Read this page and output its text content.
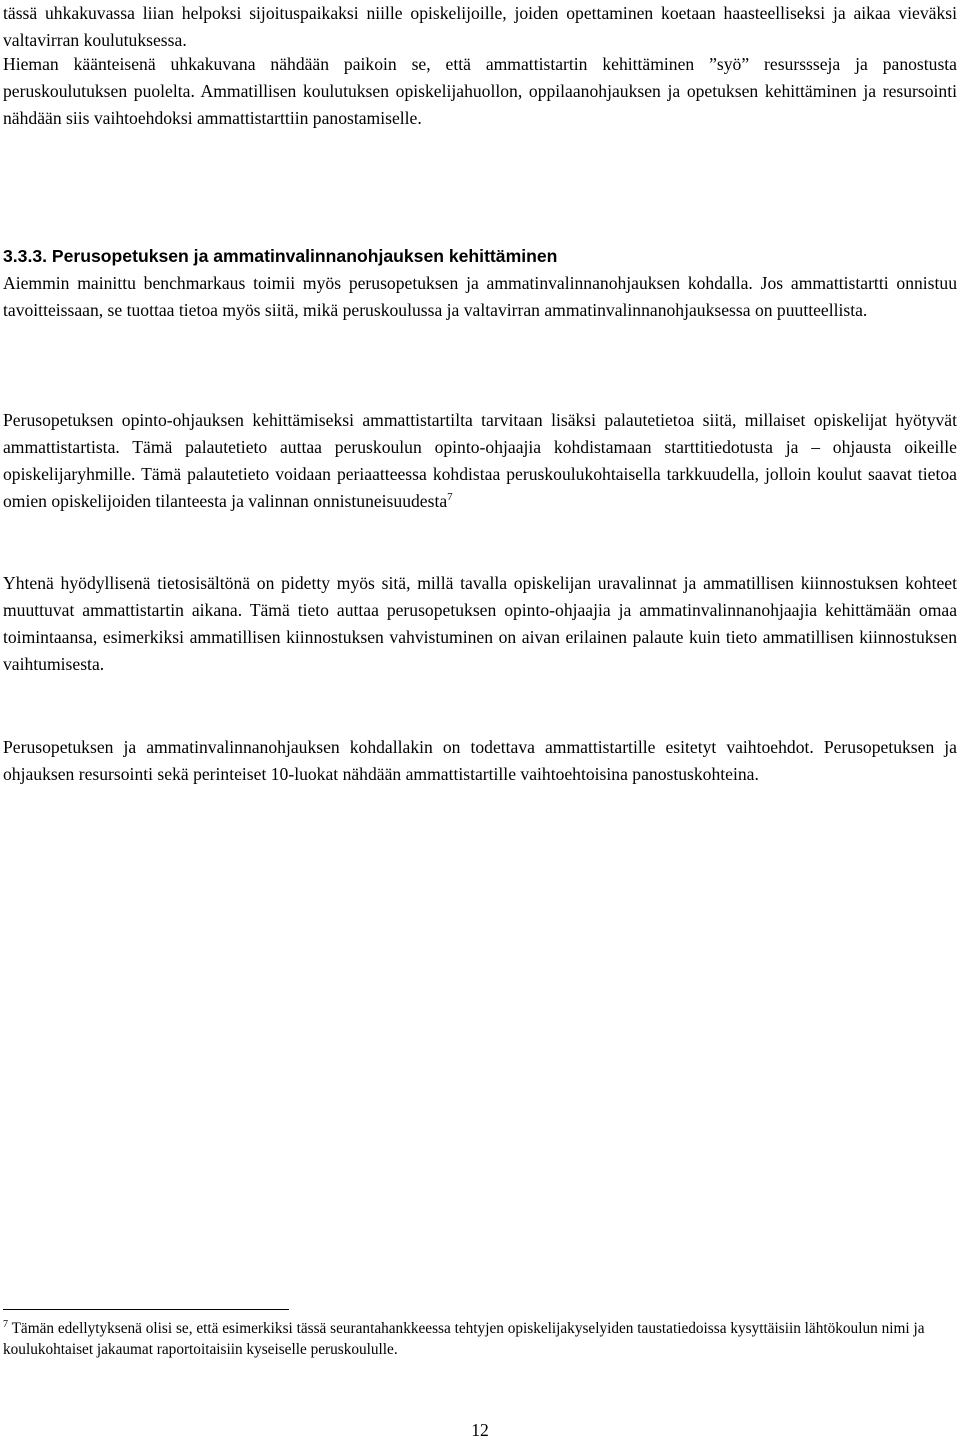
tässä uhkakuvassa liian helpoksi sijoituspaikaksi niille opiskelijoille, joiden opettaminen koetaan haasteelliseksi ja aikaa vieväksi valtavirran koulutuksessa.

Hieman käänteisenä uhkakuvana nähdään paikoin se, että ammattistartin kehittäminen ”syö” resurssseja ja panostusta peruskoulutuksen puolelta. Ammatillisen koulutuksen opiskelijahuollon, oppilaanohjauksen ja opetuksen kehittäminen ja resursointi nähdään siis vaihtoehdoksi ammattistarttiin panostamiselle.

3.3.3. Perusopetuksen ja ammatinvalinnanohjauksen kehittäminen

Aiemmin mainittu benchmarkaus toimii myös perusopetuksen ja ammatinvalinnanohjauksen kohdalla. Jos ammattistartti onnistuu tavoitteissaan, se tuottaa tietoa myös siitä, mikä peruskoulussa ja valtavirran ammatinvalinnanohjauksessa on puutteellista.

Perusopetuksen opinto-ohjauksen kehittämiseksi ammattistartilta tarvitaan lisäksi palautetietoa siitä, millaiset opiskelijat hyötyvät ammattistartista. Tämä palautetieto auttaa peruskoulun opinto-ohjaajia kohdistamaan starttitiedotusta ja – ohjausta oikeille opiskelijaryhmille. Tämä palautetieto voidaan periaatteessa kohdistaa peruskoulukohtaisella tarkkuudella, jolloin koulut saavat tietoa omien opiskelijoiden tilanteesta ja valinnan onnistuneisuudesta$^7$

Yhtenä hyödyllisenä tietosisältönä on pidetty myös sitä, millä tavalla opiskelijan uravalinnat ja ammatillisen kiinnostuksen kohteet muuttuvat ammattistartin aikana. Tämä tieto auttaa perusopetuksen opinto-ohjaajia ja ammatinvalinnanohjaajia kehittämään omaa toimintaansa, esimerkiksi ammatillisen kiinnostuksen vahvistuminen on aivan erilainen palaute kuin tieto ammatillisen kiinnostuksen vaihtumisesta.

Perusopetuksen ja ammatinvalinnanohjauksen kohdallakin on todettava ammattistartille esitetyt vaihtoehdot. Perusopetuksen ja ohjauksen resursointi sekä perinteiset 10-luokat nähdään ammattistartille vaihtoehtoisina panostuskohteina.

$^7$ Tämän edellytyksenä olisi se, että esimerkiksi tässä seurantahankkeessa tehtyjen opiskelijakyselyiden taustatiedoissa kysyttäisiin lähtökoulun nimi ja koulukohtaiset jakaumat raportoitaisiin kyseiselle peruskoululle.

12
